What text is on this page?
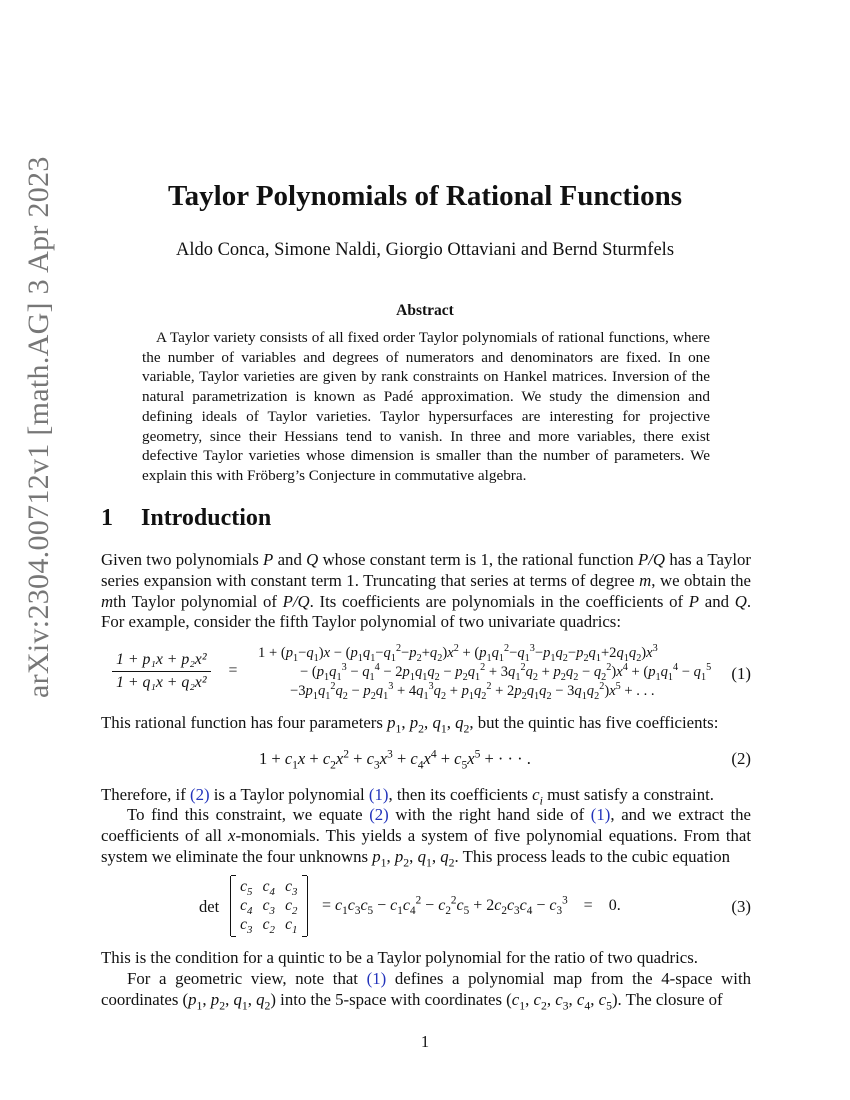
arXiv:2304.00712v1 [math.AG] 3 Apr 2023	Taylor Polynomials of Rational Functions
Aldo Conca, Simone Naldi, Giorgio Ottaviani and Bernd Sturmfels
Abstract
A Taylor variety consists of all fixed order Taylor polynomials of rational functions, where the number of variables and degrees of numerators and denominators are fixed. In one variable, Taylor varieties are given by rank constraints on Hankel matrices. Inversion of the natural parametrization is known as Padé approximation. We study the dimension and defining ideals of Taylor varieties. Taylor hypersurfaces are interesting for projective geometry, since their Hessians tend to vanish. In three and more variables, there exist defective Taylor varieties whose dimension is smaller than the number of parameters. We explain this with Fröberg’s Conjecture in commutative algebra.
1 Introduction
Given two polynomials P and Q whose constant term is 1, the rational function P/Q has a Taylor series expansion with constant term 1. Truncating that series at terms of degree m, we obtain the mth Taylor polynomial of P/Q. Its coefficients are polynomials in the coefficients of P and Q. For example, consider the fifth Taylor polynomial of two univariate quadrics:
$\frac{\text{1 + p₁x + p₂x²}}{\text{1 + q₁x + q₂x²}}$ =
$1 + (p_1-q_1)x - (p_1q_1-q_1^2-p_2+q_2)x^2 + (p_1q_1^2-q_1^3-p_1q_2-p_2q_1+2q_1q_2)x^3$
− $(p_1q_1^3 - q_1^4 - 2p_1q_1q_2 - p_2q_1^2 + 3q_1^2q_2 + p_2q_2 - q_2^2)x^4 + (p_1q_1^4 - q_1^5$
$-3p_1q_1^2q_2 - p_2q_1^3 + 4q_1^3q_2 + p_1q_2^2 + 2p_2q_1q_2 - 3q_1q_2^2)x^5$ + . . .
(1)
This rational function has four parameters $p_1$, $p_2$, $q_1$, $q_2$, but the quintic has five coefficients:
$1 + c_1x + c_2x^2 + c_3x^3 + c_4x^4 + c_5x^5$ + · · · .	(2)
Therefore, if (2) is a Taylor polynomial (1), then its coefficients $c_i$ must satisfy a constraint.
To find this constraint, we equate (2) with the right hand side of (1), and we extract the coefficients of all x-monomials. This yields a system of five polynomial equations. From that system we eliminate the four unknowns $p_1$, $p_2$, $q_1$, $q_2$. This process leads to the cubic equation
det
$c_5$ $c_4$ $c_3$
$c_4$ $c_3$ $c_2$
$c_3$ $c_2$ $c_1$
= $c_1c_3c_5 - c_1c_4^2 - c_2^2c_5 + 2c_2c_3c_4 - c_3^3$    =    0.	(3)
This is the condition for a quintic to be a Taylor polynomial for the ratio of two quadrics.
For a geometric view, note that (1) defines a polynomial map from the 4-space with coordinates ($p_1$, $p_2$, $q_1$, $q_2$) into the 5-space with coordinates ($c_1$, $c_2$, $c_3$, $c_4$, $c_5$). The closure of
1
